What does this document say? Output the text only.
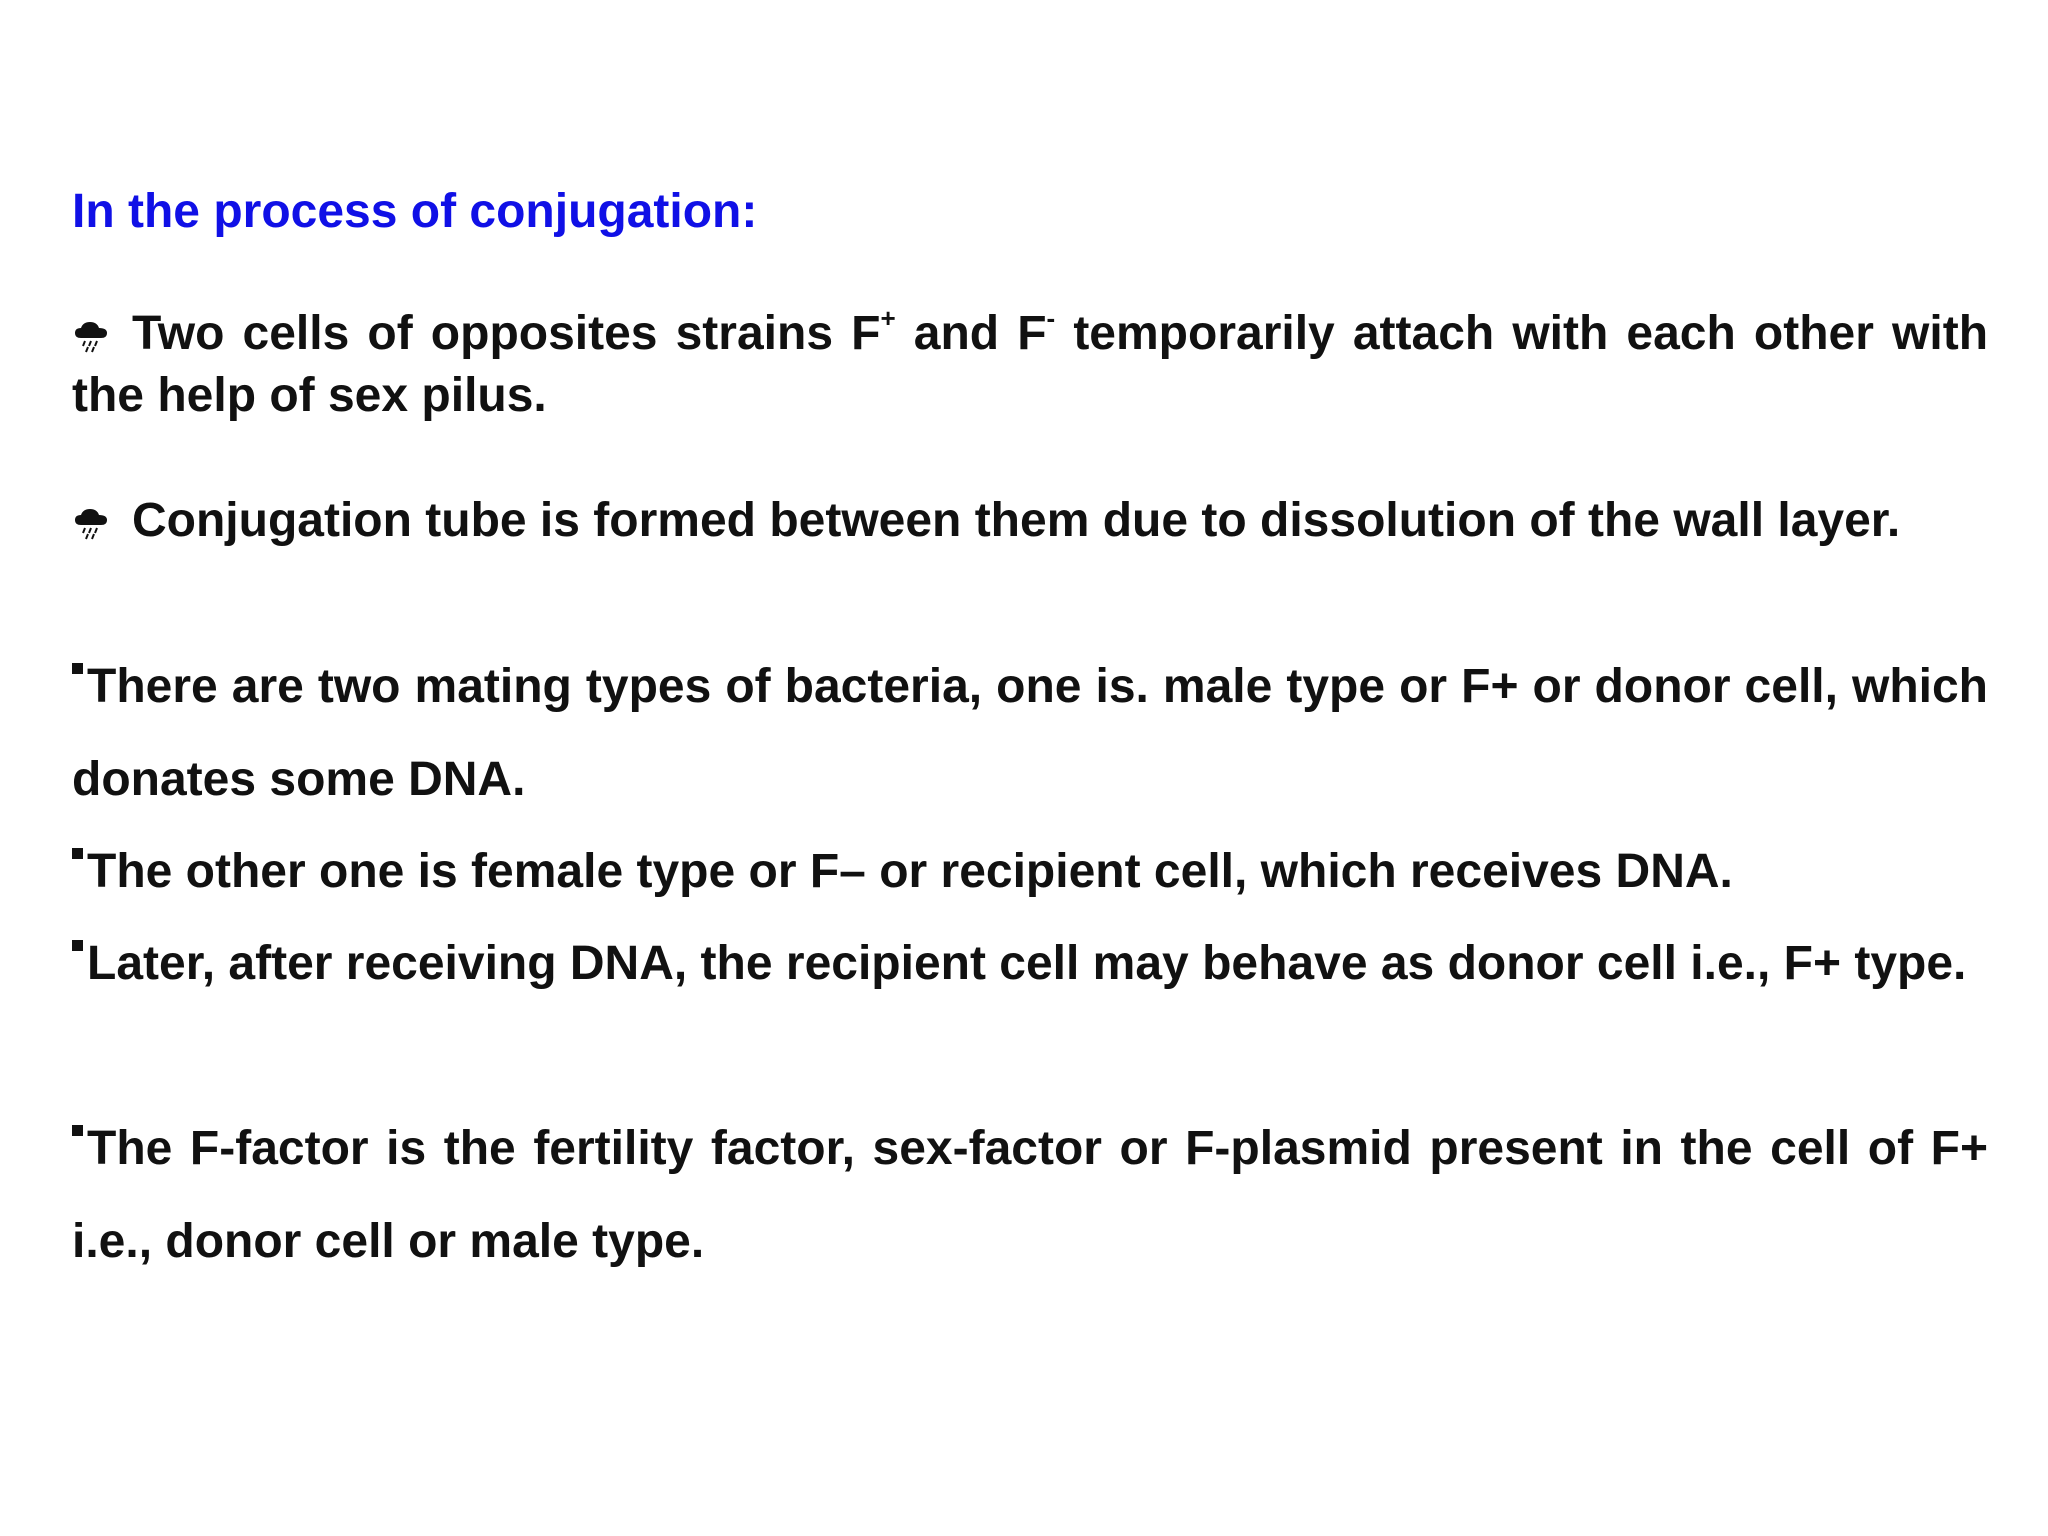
In the process of conjugation:

Two cells of opposites strains F+ and F- temporarily attach with each other with the help of sex pilus.

Conjugation tube is formed between them due to dissolution of the wall layer.

There are two mating types of bacteria, one is. male type or F+ or donor cell, which donates some DNA.

The other one is female type or F– or recipient cell, which receives DNA.

Later, after receiving DNA, the recipient cell may behave as donor cell i.e., F+ type.

The F-factor is the fertility factor, sex-factor or F-plasmid present in the cell of F+ i.e., donor cell or male type.
